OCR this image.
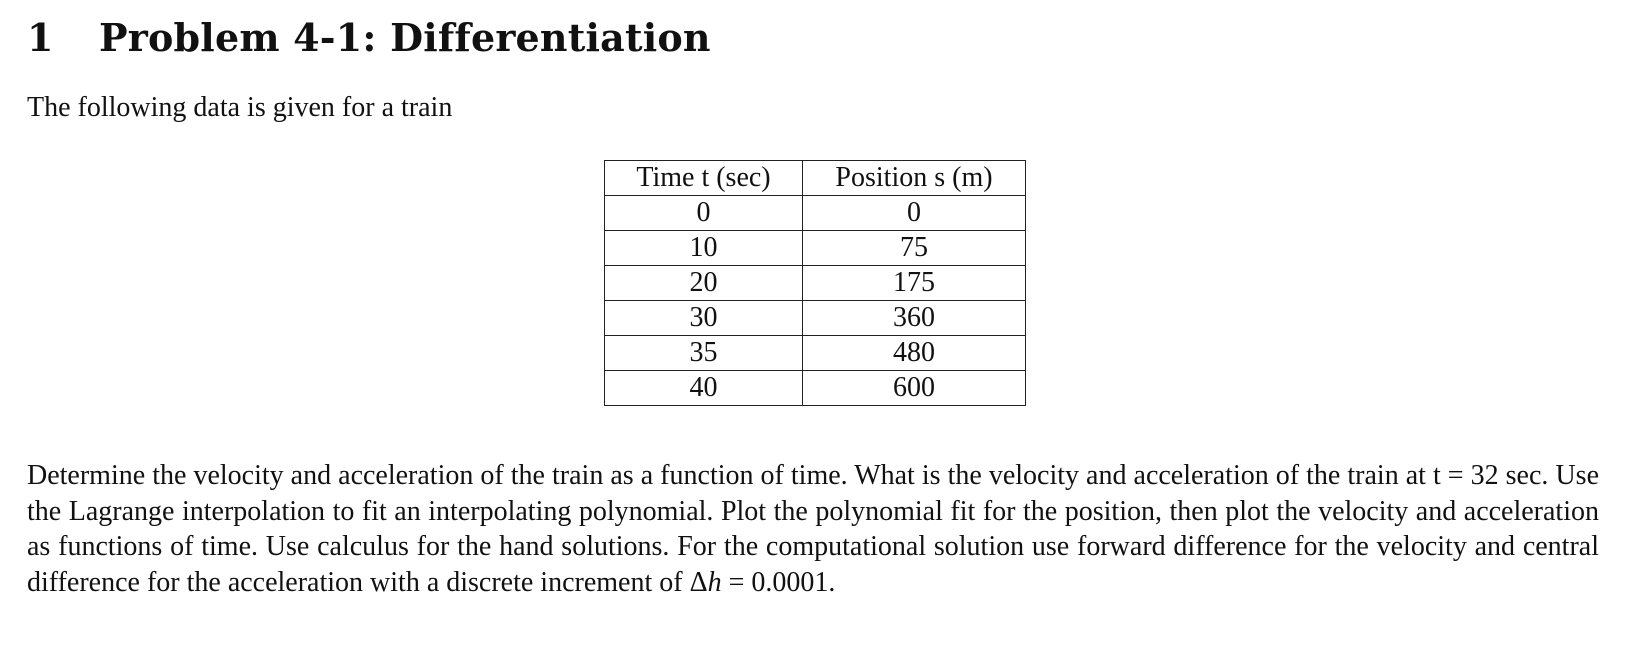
1 Problem 4-1: Differentiation

The following data is given for a train

Time t (sec)	Position s (m)
0	0
10	75
20	175
30	360
35	480
40	600

Determine the velocity and acceleration of the train as a function of time. What is the velocity and acceleration of the train at t = 32 sec. Use the Lagrange interpolation to fit an interpolating polynomial. Plot the polynomial fit for the position, then plot the velocity and acceleration as functions of time. Use calculus for the hand solutions. For the computational solution use forward difference for the velocity and central difference for the acceleration with a discrete increment of Δh = 0.0001.
